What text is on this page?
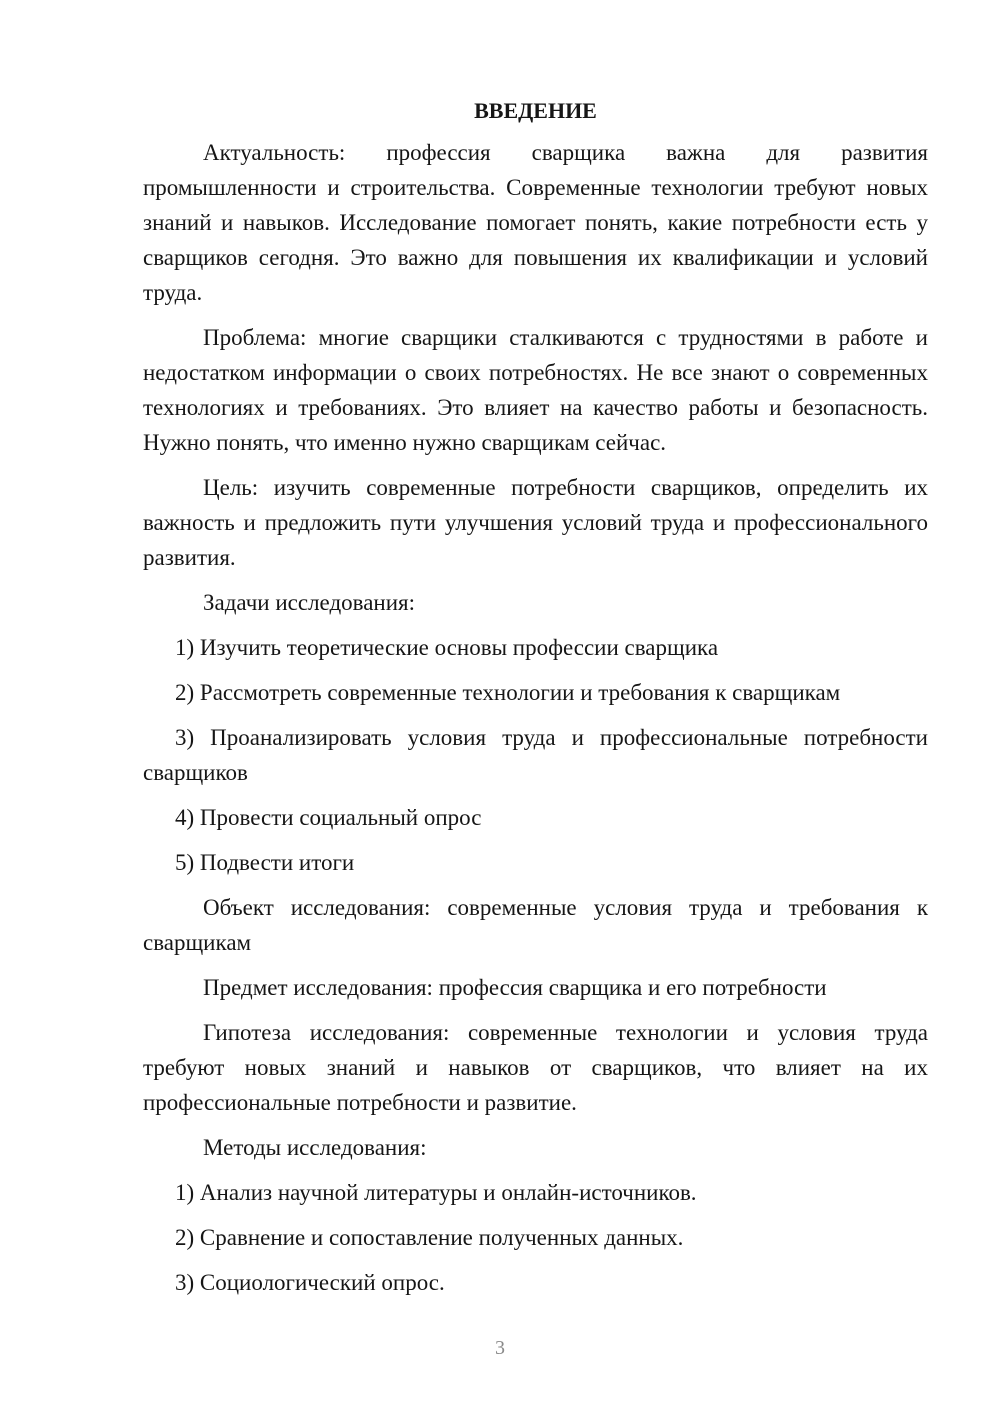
ВВЕДЕНИЕ

Актуальность: профессия сварщика важна для развития промышленности и строительства. Современные технологии требуют новых знаний и навыков. Исследование помогает понять, какие потребности есть у сварщиков сегодня. Это важно для повышения их квалификации и условий труда.

Проблема: многие сварщики сталкиваются с трудностями в работе и недостатком информации о своих потребностях. Не все знают о современных технологиях и требованиях. Это влияет на качество работы и безопасность. Нужно понять, что именно нужно сварщикам сейчас.

Цель: изучить современные потребности сварщиков, определить их важность и предложить пути улучшения условий труда и профессионального развития.

Задачи исследования:

1) Изучить теоретические основы профессии сварщика

2) Рассмотреть современные технологии и требования к сварщикам

3) Проанализировать условия труда и профессиональные потребности сварщиков

4) Провести социальный опрос

5) Подвести итоги

Объект исследования: современные условия труда и требования к сварщикам

Предмет исследования: профессия сварщика и его потребности

Гипотеза исследования: современные технологии и условия труда требуют новых знаний и навыков от сварщиков, что влияет на их профессиональные потребности и развитие.

Методы исследования:

1) Анализ научной литературы и онлайн-источников.

2) Сравнение и сопоставление полученных данных.

3) Социологический опрос.

3
